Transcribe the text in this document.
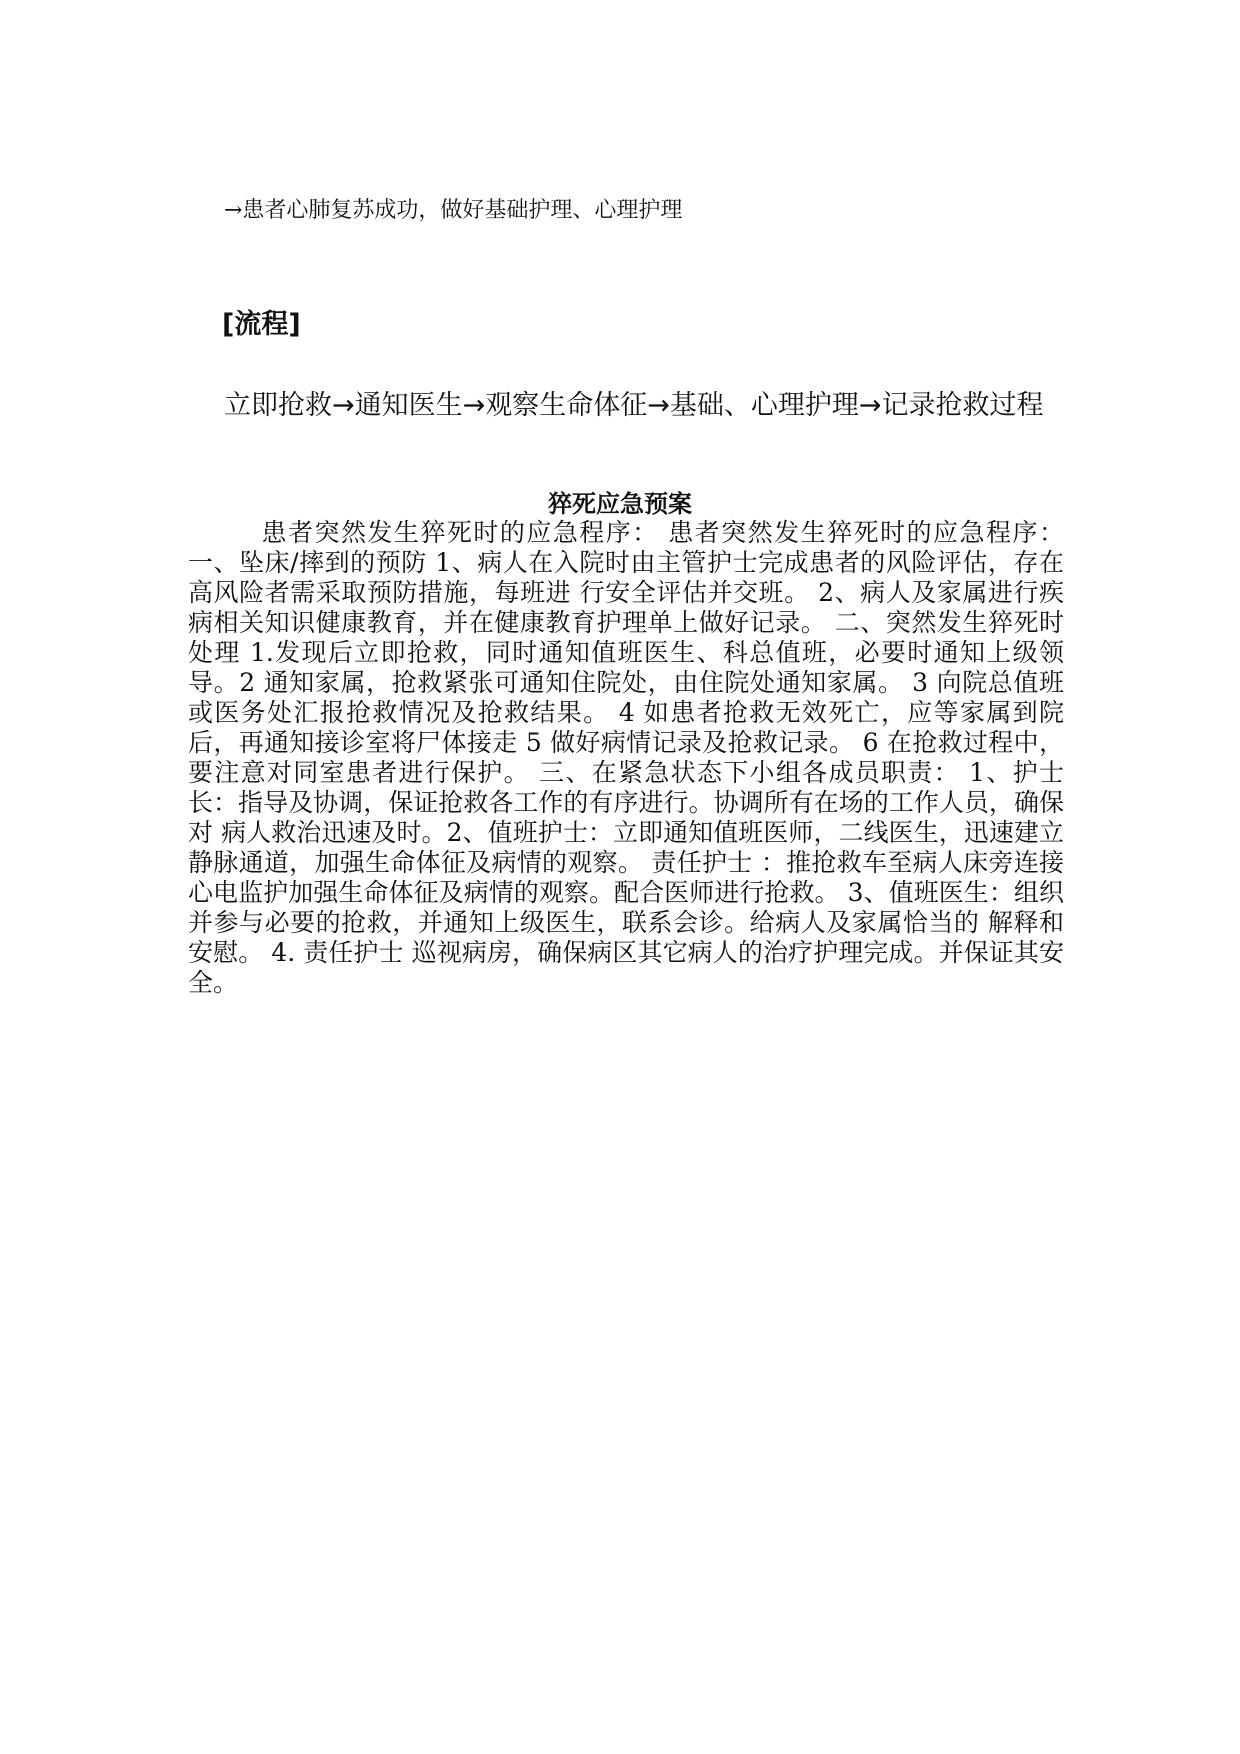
→患者心肺复苏成功，做好基础护理、心理护理
[流程]
立即抢救→通知医生→观察生命体征→基础、心理护理→记录抢救过程
猝死应急预案
患者突然发生猝死时的应急程序： 患者突然发生猝死时的应急程序： 一、坠床/摔到的预防 1、病人在入院时由主管护士完成患者的风险评估，存在高风险者需采取预防措施，每班进 行安全评估并交班。 2、病人及家属进行疾病相关知识健康教育，并在健康教育护理单上做好记录。 二、突然发生猝死时处理 1.发现后立即抢救，同时通知值班医生、科总值班，必要时通知上级领导。2 通知家属，抢救紧张可通知住院处，由住院处通知家属。 3 向院总值班或医务处汇报抢救情况及抢救结果。 4 如患者抢救无效死亡，应等家属到院后，再通知接诊室将尸体接走 5 做好病情记录及抢救记录。 6 在抢救过程中，要注意对同室患者进行保护。 三、在紧急状态下小组各成员职责： 1、护士长：指导及协调，保证抢救各工作的有序进行。协调所有在场的工作人员，确保对 病人救治迅速及时。2、值班护士：立即通知值班医师，二线医生，迅速建立静脉通道，加强生命体征及病情的观察。 责任护士 ：推抢救车至病人床旁连接心电监护加强生命体征及病情的观察。配合医师进行抢救。 3、值班医生：组织并参与必要的抢救，并通知上级医生，联系会诊。给病人及家属恰当的 解释和安慰。 4. 责任护士 巡视病房，确保病区其它病人的治疗护理完成。并保证其安全。
